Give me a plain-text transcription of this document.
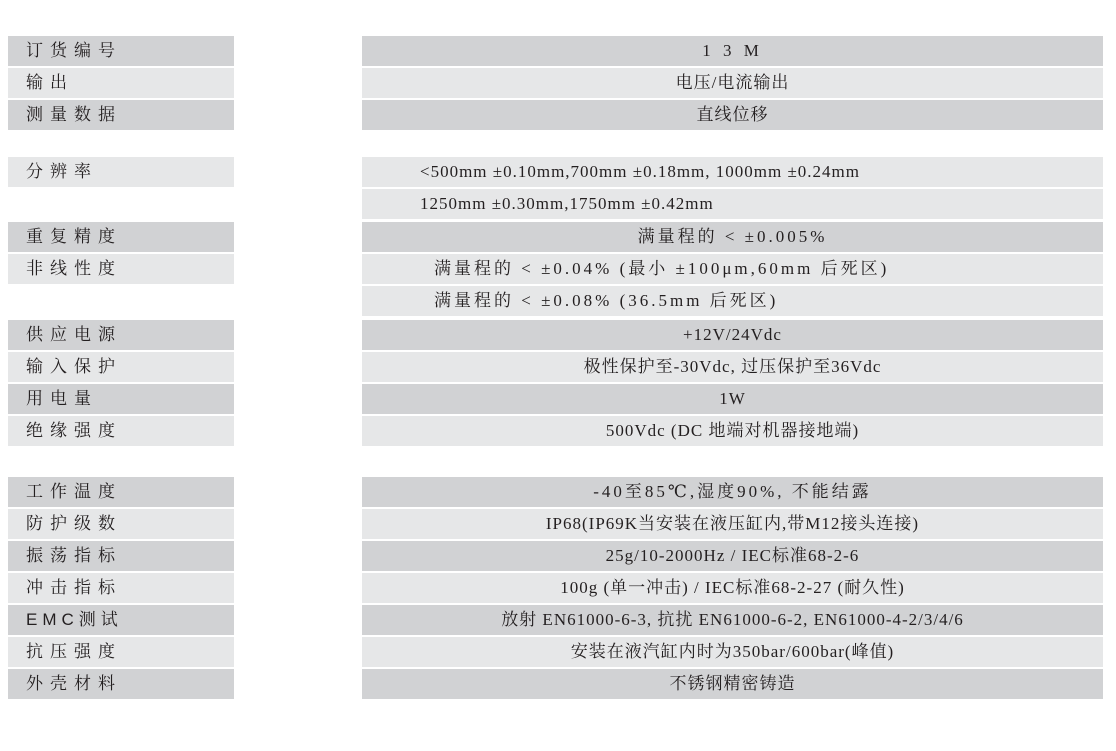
订货编号	1 3 M
输出	电压/电流输出
测量数据	直线位移
分辨率	<500mm ±0.10mm,700mm ±0.18mm, 1000mm ±0.24mm
1250mm ±0.30mm,1750mm ±0.42mm
重复精度	满量程的 < ±0.005%
非线性度	满量程的 < ±0.04% (最小 ±100μm,60mm 后死区)
满量程的 < ±0.08% (36.5mm 后死区)
供应电源	+12V/24Vdc
输入保护	极性保护至-30Vdc, 过压保护至36Vdc
用电量	1W
绝缘强度	500Vdc (DC 地端对机器接地端)
工作温度	-40至85℃,湿度90%, 不能结露
防护级数	IP68(IP69K当安装在液压缸内,带M12接头连接)
振荡指标	25g/10-2000Hz / IEC标准68-2-6
冲击指标	100g (单一冲击) / IEC标准68-2-27 (耐久性)
EMC测试	放射 EN61000-6-3, 抗扰 EN61000-6-2, EN61000-4-2/3/4/6
抗压强度	安装在液汽缸内时为350bar/600bar(峰值)
外壳材料	不锈钢精密铸造
